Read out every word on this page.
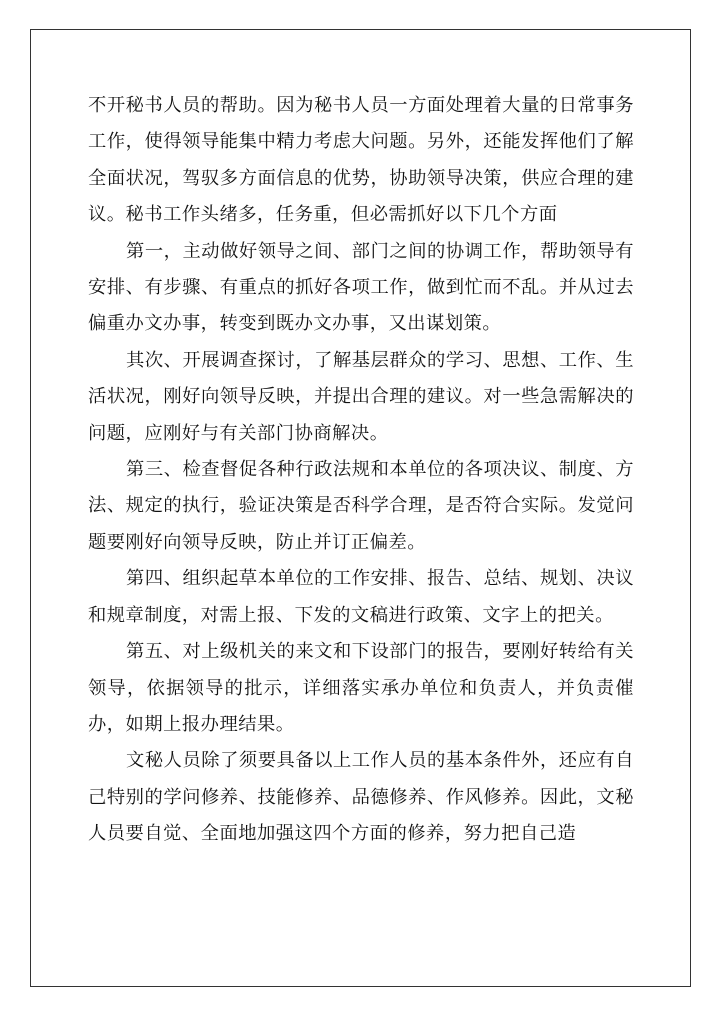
不开秘书人员的帮助。因为秘书人员一方面处理着大量的日常事务工作，使得领导能集中精力考虑大问题。另外，还能发挥他们了解全面状况，驾驭多方面信息的优势，协助领导决策，供应合理的建议。秘书工作头绪多，任务重，但必需抓好以下几个方面

第一，主动做好领导之间、部门之间的协调工作，帮助领导有安排、有步骤、有重点的抓好各项工作，做到忙而不乱。并从过去偏重办文办事，转变到既办文办事，又出谋划策。

其次、开展调查探讨，了解基层群众的学习、思想、工作、生活状况，刚好向领导反映，并提出合理的建议。对一些急需解决的问题，应刚好与有关部门协商解决。

第三、检查督促各种行政法规和本单位的各项决议、制度、方法、规定的执行，验证决策是否科学合理，是否符合实际。发觉问题要刚好向领导反映，防止并订正偏差。

第四、组织起草本单位的工作安排、报告、总结、规划、决议和规章制度，对需上报、下发的文稿进行政策、文字上的把关。

第五、对上级机关的来文和下设部门的报告，要刚好转给有关领导，依据领导的批示，详细落实承办单位和负责人，并负责催办，如期上报办理结果。

文秘人员除了须要具备以上工作人员的基本条件外，还应有自己特别的学问修养、技能修养、品德修养、作风修养。因此，文秘人员要自觉、全面地加强这四个方面的修养，努力把自己造
